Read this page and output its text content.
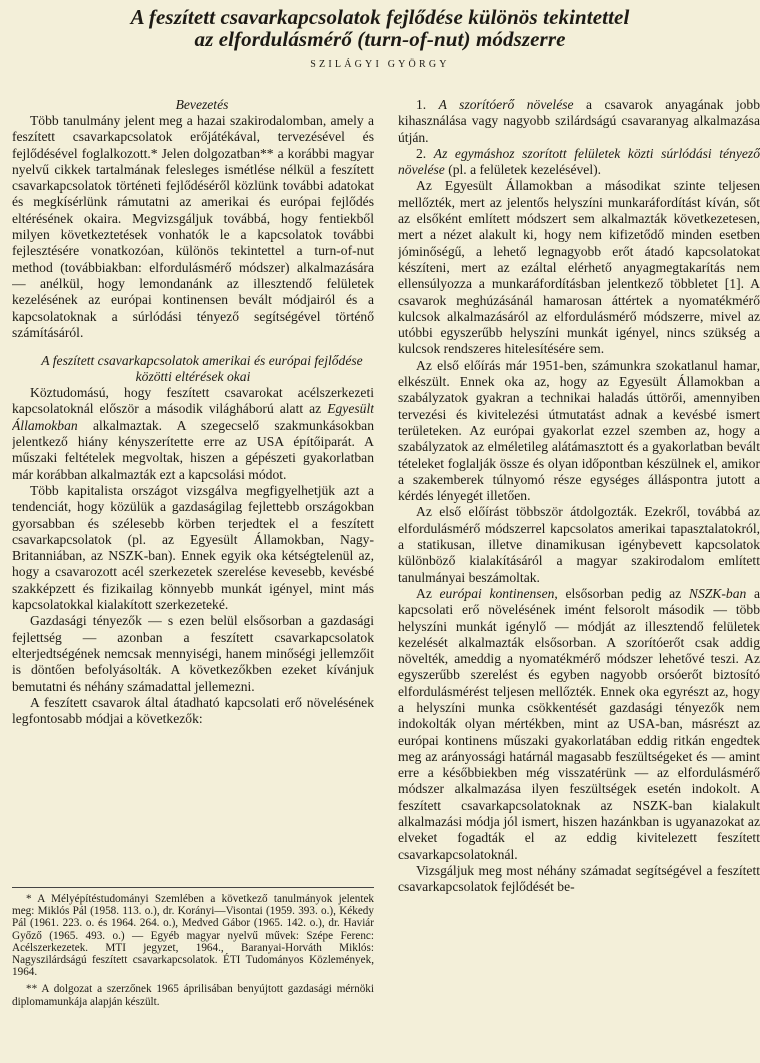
A feszített csavarkapcsolatok fejlődése különös tekintettel
az elfordulásmérő (turn-of-nut) módszerre
SZILÁGYI GYÖRGY

Bevezetés

Több tanulmány jelent meg a hazai szakirodalomban, amely a feszített csavarkapcsolatok erőjátékával, tervezésével és fejlődésével foglalkozott.* Jelen dolgozatban** a korábbi magyar nyelvű cikkek tartalmának felesleges ismétlése nélkül a feszített csavarkapcsolatok történeti fejlődéséről közlünk további adatokat és megkísérlünk rámutatni az amerikai és európai fejlődés eltérésének okaira. Megvizsgáljuk továbbá, hogy fentiekből milyen következtetések vonhatók le a kapcsolatok további fejlesztésére vonatkozóan, különös tekintettel a turn-of-nut method (továbbiakban: elfordulásmérő módszer) alkalmazására — anélkül, hogy lemondanánk az illesztendő felületek kezelésének az európai kontinensen bevált módjairól és a kapcsolatoknak a súrlódási tényező segítségével történő számításáról.

A feszített csavarkapcsolatok amerikai és európai fejlődése közötti eltérések okai

Köztudomású, hogy feszített csavarokat acélszerkezeti kapcsolatoknál először a második világháború alatt az Egyesült Államokban alkalmaztak. A szegecselő szakmunkásokban jelentkező hiány kényszerítette erre az USA építőiparát. A műszaki feltételek megvoltak, hiszen a gépészeti gyakorlatban már korábban alkalmazták ezt a kapcsolási módot.

Több kapitalista országot vizsgálva megfigyelhetjük azt a tendenciát, hogy közülük a gazdaságilag fejlettebb országokban gyorsabban és szélesebb körben terjedtek el a feszített csavarkapcsolatok (pl. az Egyesült Államokban, Nagy-Britanniában, az NSZK-ban). Ennek egyik oka kétségtelenül az, hogy a csavarozott acél szerkezetek szerelése kevesebb, kevésbé szakképzett és fizikailag könnyebb munkát igényel, mint más kapcsolatokkal kialakított szerkezeteké.

Gazdasági tényezők — s ezen belül elsősorban a gazdasági fejlettség — azonban a feszített csavarkapcsolatok elterjedtségének nemcsak mennyiségi, hanem minőségi jellemzőit is döntően befolyásolták. A következőkben ezeket kívánjuk bemutatni és néhány számadattal jellemezni.

A feszített csavarok által átadható kapcsolati erő növelésének legfontosabb módjai a következők:

* A Mélyépítéstudományi Szemlében a következő tanulmányok jelentek meg: Miklós Pál (1958. 113. o.), dr. Korányi—Visontai (1959. 393. o.), Kékedy Pál (1961. 223. o. és 1964. 264. o.), Medved Gábor (1965. 142. o.), dr. Haviár Győző (1965. 493. o.) — Egyéb magyar nyelvű művek: Szépe Ferenc: Acélszerkezetek. MTI jegyzet, 1964., Baranyai-Horváth Miklós: Nagyszilárdságú feszített csavarkapcsolatok. ÉTI Tudományos Közlemények, 1964.

** A dolgozat a szerzőnek 1965 áprilisában benyújtott gazdasági mérnöki diplomamunkája alapján készült.

1. A szorítóerő növelése a csavarok anyagának jobb kihasználása vagy nagyobb szilárdságú csavaranyag alkalmazása útján.

2. Az egymáshoz szorított felületek közti súrlódási tényező növelése (pl. a felületek kezelésével).

Az Egyesült Államokban a másodikat szinte teljesen mellőzték, mert az jelentős helyszíni munkaráfordítást kíván, sőt az elsőként említett módszert sem alkalmazták következetesen, mert a nézet alakult ki, hogy nem kifizetődő minden esetben jóminőségű, a lehető legnagyobb erőt átadó kapcsolatokat készíteni, mert az ezáltal elérhető anyagmegtakarítás nem ellensúlyozza a munkaráfordításban jelentkező többletet [1]. A csavarok meghúzásánál hamarosan áttértek a nyomatékmérő kulcsok alkalmazásáról az elfordulásmérő módszerre, mivel az utóbbi egyszerűbb helyszíni munkát igényel, nincs szükség a kulcsok rendszeres hitelesítésére sem.

Az első előírás már 1951-ben, számunkra szokatlanul hamar, elkészült. Ennek oka az, hogy az Egyesült Államokban a szabályzatok gyakran a technikai haladás úttörői, amennyiben tervezési és kivitelezési útmutatást adnak a kevésbé ismert területeken. Az európai gyakorlat ezzel szemben az, hogy a szabályzatok az elméletileg alátámasztott és a gyakorlatban bevált tételeket foglalják össze és olyan időpontban készülnek el, amikor a szakemberek túlnyomó része egységes álláspontra jutott a kérdés lényegét illetően.

Az első előírást többször átdolgozták. Ezekről, továbbá az elfordulásmérő módszerrel kapcsolatos amerikai tapasztalatokról, a statikusan, illetve dinamikusan igénybevett kapcsolatok különböző kialakításáról a magyar szakirodalom említett tanulmányai beszámoltak.

Az európai kontinensen, elsősorban pedig az NSZK-ban a kapcsolati erő növelésének imént felsorolt második — több helyszíni munkát igénylő — módját az illesztendő felületek kezelését alkalmazták elsősorban. A szorítóerőt csak addig növelték, ameddig a nyomatékmérő módszer lehetővé teszi. Az egyszerűbb szerelést és egyben nagyobb orsóerőt biztosító elfordulásmérést teljesen mellőzték. Ennek oka egyrészt az, hogy a helyszíni munka csökkentését gazdasági tényezők nem indokolták olyan mértékben, mint az USA-ban, másrészt az európai kontinens műszaki gyakorlatában eddig ritkán engedtek meg az arányossági határnál magasabb feszültségeket és — amint erre a későbbiekben még visszatérünk — az elfordulásmérő módszer alkalmazása ilyen feszültségek esetén indokolt. A feszített csavarkapcsolatoknak az NSZK-ban kialakult alkalmazási módja jól ismert, hiszen hazánkban is ugyanazokat az elveket fogadták el az eddig kivitelezett feszített csavarkapcsolatoknál.

Vizsgáljuk meg most néhány számadat segítségével a feszített csavarkapcsolatok fejlődését be-
